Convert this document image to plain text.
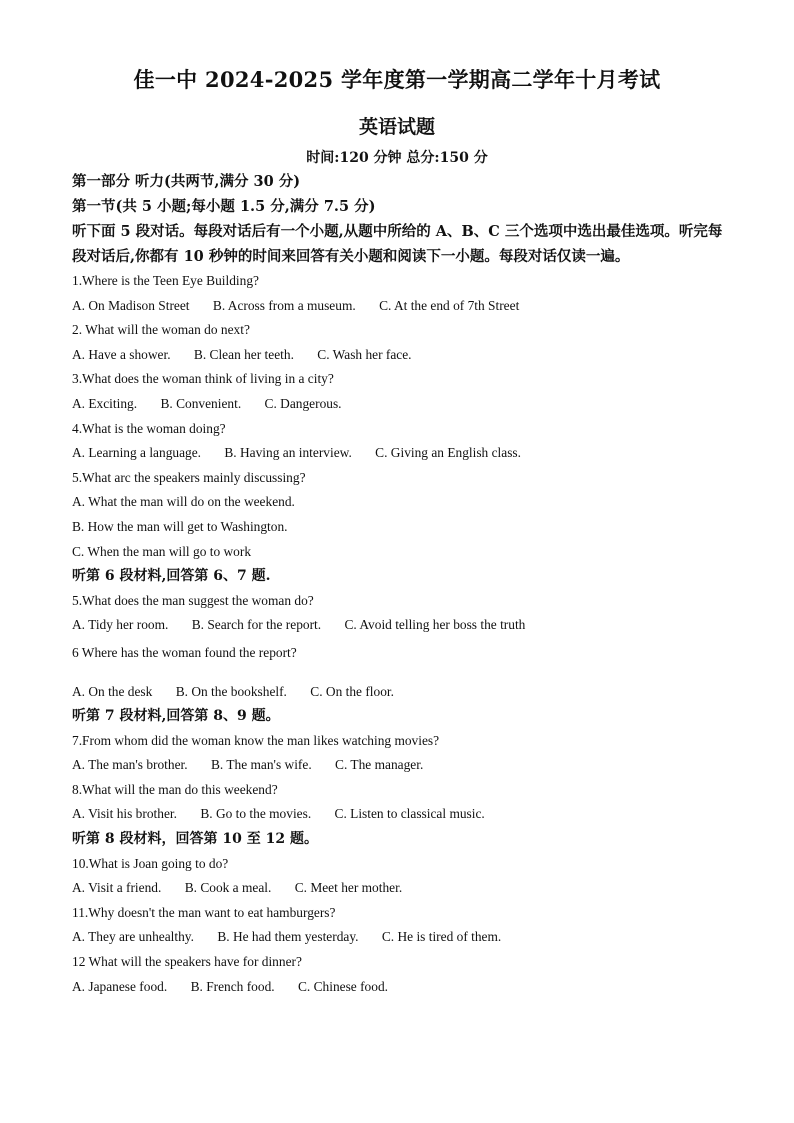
佳一中 2024-2025 学年度第一学期高二学年十月考试
英语试题
时间:120 分钟 总分:150 分

第一部分 听力(共两节,满分 30 分)

第一节(共 5 小题;每小题 1.5 分,满分 7.5 分)

听下面 5 段对话。每段对话后有一个小题,从题中所给的 A、B、C 三个选项中选出最佳选项。听完每段对话后,你都有 10 秒钟的时间来回答有关小题和阅读下一小题。每段对话仅读一遍。

1.Where is the Teen Eye Building?

A. On Madison Street B. Across from a museum. C. At the end of 7th Street

2. What will the woman do next?

A. Have a shower. B. Clean her teeth. C. Wash her face.

3.What does the woman think of living in a city?

A. Exciting. B. Convenient. C. Dangerous.

4.What is the woman doing?

A. Learning a language. B. Having an interview. C. Giving an English class.

5.What arc the speakers mainly discussing?

A. What the man will do on the weekend.

B. How the man will get to Washington.

C. When the man will go to work

听第 6 段材料,回答第 6、7 题.

5.What does the man suggest the woman do?

A. Tidy her room. B. Search for the report. C. Avoid telling her boss the truth

6 Where has the woman found the report?

A. On the desk B. On the bookshelf. C. On the floor.

听第 7 段材料,回答第 8、9 题。

7.From whom did the woman know the man likes watching movies?

A. The man's brother. B. The man's wife. C. The manager.

8.What will the man do this weekend?

A. Visit his brother. B. Go to the movies. C. Listen to classical music.

听第 8 段材料，回答第 10 至 12 题。

10.What is Joan going to do?

A. Visit a friend. B. Cook a meal. C. Meet her mother.

11.Why doesn't the man want to eat hamburgers?

A. They are unhealthy. B. He had them yesterday. C. He is tired of them.

12 What will the speakers have for dinner?

A. Japanese food. B. French food. C. Chinese food.
